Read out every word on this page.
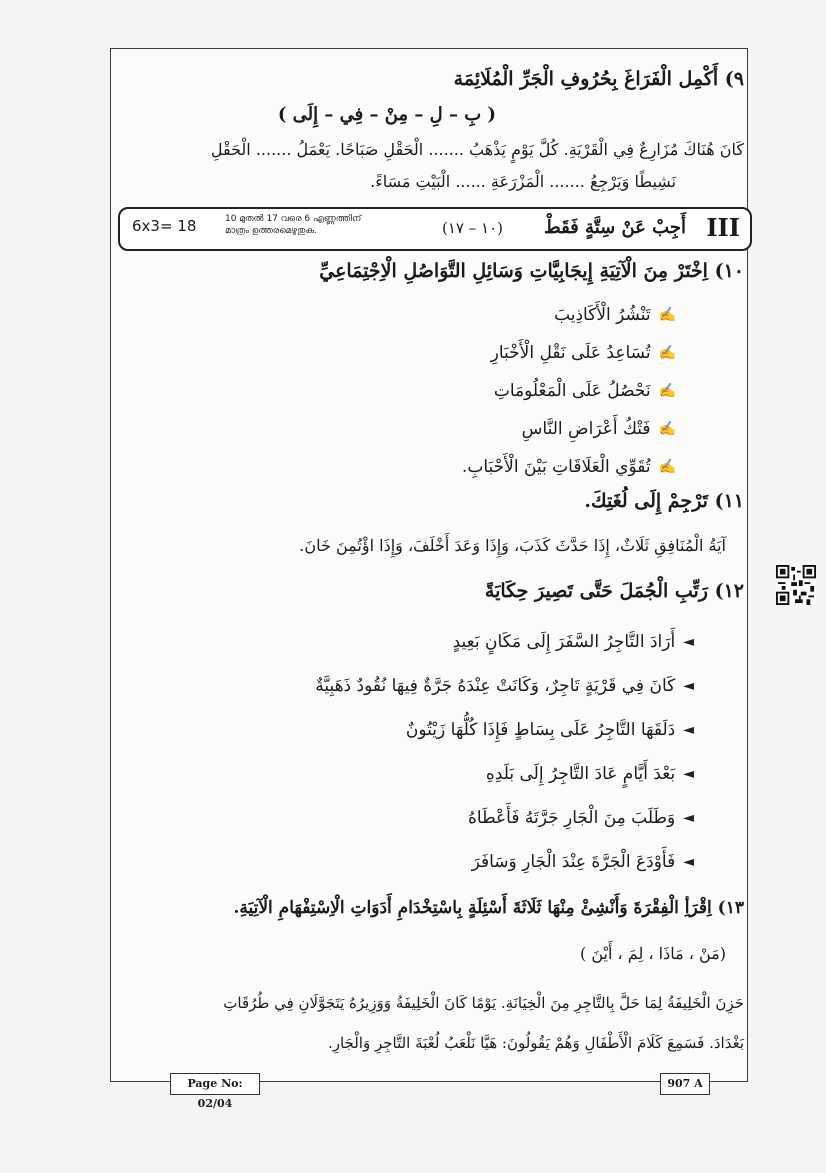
٩) أَكْمِل الْفَرَاغَ بِحُرُوفِ الْجَرِّ الْمُلَائِمَة
( بِ – لِ – مِنْ – فِي – إِلَى )
كَانَ هُنَاكَ مُزَارِعٌ فِي الْقَرْيَةِ. كُلَّ يَوْمٍ يَذْهَبُ ....... الْحَقْلِ صَبَاحًا. يَعْمَلُ ....... الْحَقْلِ
نَشِيطًا وَيَرْجِعُ ....... الْمَزْرَعَةِ ...... الْبَيْتِ مَسَاءً.
III
أَجِبْ عَنْ سِتَّةٍ فَقَطْ
(١٠ – ١٧)
10 മുതൽ 17 വരെ 6 എണ്ണത്തിന്
മാത്രം ഉത്തരമെഴുതുക.
6x3= 18
١٠) اِخْتَرْ مِنَ الْآتِيَةِ إِيجَابِيَّاتِ وَسَائِلِ التَّوَاصُلِ الْاِجْتِمَاعِيِّ
✍
تَنْشُرُ الْأَكَاذِيبَ
✍
تُسَاعِدُ عَلَى نَقْلِ الْأَخْبَارِ
✍
نَحْصُلُ عَلَى الْمَعْلُومَاتِ
✍
فَتْكُ أَعْرَاضِ النَّاسِ
✍
تُقَوِّي الْعَلَاقَاتِ بَيْنَ الْأَحْبَابِ.
١١) تَرْجِمْ إِلَى لُغَتِكَ.
آيَةُ الْمُنَافِقِ ثَلَاثٌ، إِذَا حَدَّثَ كَذَبَ، وَإِذَا وَعَدَ أَخْلَفَ، وَإِذَا اؤْتُمِنَ خَانَ.
١٢) رَتِّبِ الْجُمَلَ حَتَّى تَصِيرَ حِكَايَةً
◄
أَرَادَ التَّاجِرُ السَّفَرَ إِلَى مَكَانٍ بَعِيدٍ
◄
كَانَ فِي قَرْيَةٍ تَاجِرٌ، وَكَانَتْ عِنْدَهُ جَرَّةٌ فِيهَا نُقُودٌ ذَهَبِيَّةٌ
◄
دَلَقَهَا التَّاجِرُ عَلَى بِسَاطٍ فَإِذَا كُلُّهَا زَيْتُونٌ
◄
بَعْدَ أَيَّامٍ عَادَ التَّاجِرُ إِلَى بَلَدِهِ
◄
وَطَلَبَ مِنَ الْجَارِ جَرَّتَهُ فَأَعْطَاهُ
◄
فَأَوْدَعَ الْجَرَّةَ عِنْدَ الْجَارِ وَسَافَرَ
١٣) اِقْرَأِ الْفِقْرَةَ وَأَنْشِئْ مِنْهَا ثَلَاثَةَ أَسْئِلَةٍ بِاسْتِخْدَامِ أَدَوَاتِ الْاِسْتِفْهَامِ الْآتِيَةِ.
(مَنْ ، مَاذَا ، لِمَ ، أَيْنَ )
حَزِنَ الْخَلِيفَةُ لِمَا حَلَّ بِالتَّاجِرِ مِنَ الْخِيَانَةِ. يَوْمًا كَانَ الْخَلِيفَةُ وَوَزِيرُهُ يَتَجَوَّلَانِ فِي طُرُقَاتِ
بَغْدَادَ. فَسَمِعَ كَلَامَ الْأَطْفَالِ وَهُمْ يَقُولُونَ: هَيَّا نَلْعَبُ لُعْبَةَ التَّاجِرِ وَالْجَارِ.
Page No: 02/04
907 A
